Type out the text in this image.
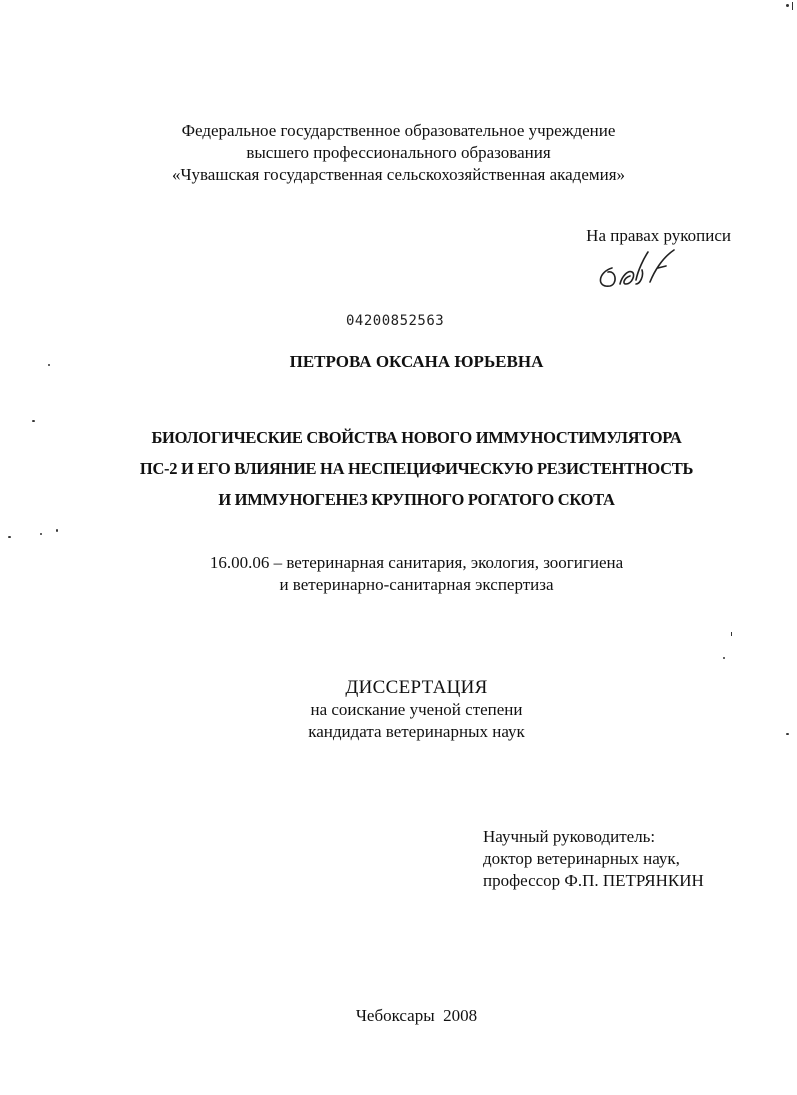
Федеральное государственное образовательное учреждение
высшего профессионального образования
«Чувашская государственная сельскохозяйственная академия»
На правах рукописи
04200852563
ПЕТРОВА ОКСАНА ЮРЬЕВНА
БИОЛОГИЧЕСКИЕ СВОЙСТВА НОВОГО ИММУНОСТИМУЛЯТОРА
ПС-2 И ЕГО ВЛИЯНИЕ НА НЕСПЕЦИФИЧЕСКУЮ РЕЗИСТЕНТНОСТЬ
И ИММУНОГЕНЕЗ КРУПНОГО РОГАТОГО СКОТА
16.00.06 – ветеринарная санитария, экология, зоогигиена
и ветеринарно-санитарная экспертиза
ДИССЕРТАЦИЯ
на соискание ученой степени
кандидата ветеринарных наук
Научный руководитель:
доктор ветеринарных наук,
профессор Ф.П. ПЕТРЯНКИН
Чебоксары  2008
